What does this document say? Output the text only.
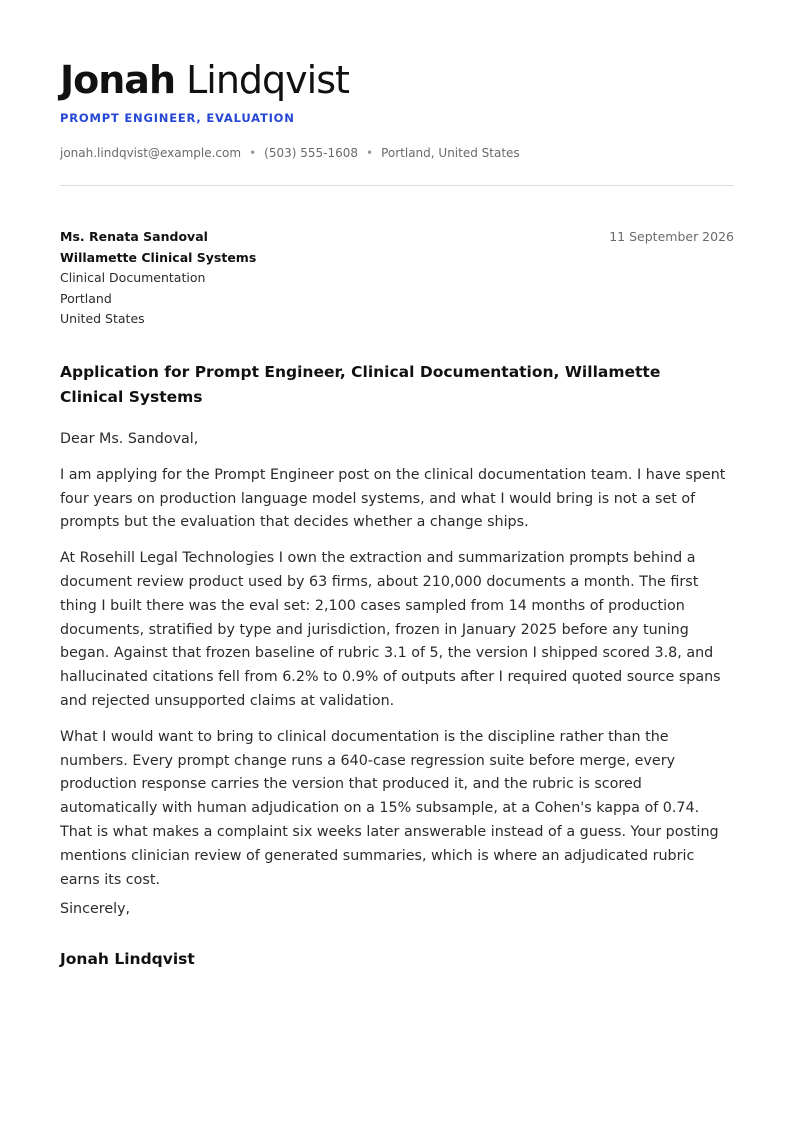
Jonah Lindqvist
PROMPT ENGINEER, EVALUATION
jonah.lindqvist@example.com • (503) 555-1608 • Portland, United States
Ms. Renata Sandoval
Willamette Clinical Systems
Clinical Documentation
Portland
United States
11 September 2026
Application for Prompt Engineer, Clinical Documentation, Willamette Clinical Systems

Dear Ms. Sandoval,

I am applying for the Prompt Engineer post on the clinical documentation team. I have spent four years on production language model systems, and what I would bring is not a set of prompts but the evaluation that decides whether a change ships.

At Rosehill Legal Technologies I own the extraction and summarization prompts behind a document review product used by 63 firms, about 210,000 documents a month. The first thing I built there was the eval set: 2,100 cases sampled from 14 months of production documents, stratified by type and jurisdiction, frozen in January 2025 before any tuning began. Against that frozen baseline of rubric 3.1 of 5, the version I shipped scored 3.8, and hallucinated citations fell from 6.2% to 0.9% of outputs after I required quoted source spans and rejected unsupported claims at validation.

What I would want to bring to clinical documentation is the discipline rather than the numbers. Every prompt change runs a 640-case regression suite before merge, every production response carries the version that produced it, and the rubric is scored automatically with human adjudication on a 15% subsample, at a Cohen's kappa of 0.74. That is what makes a complaint six weeks later answerable instead of a guess. Your posting mentions clinician review of generated summaries, which is where an adjudicated rubric earns its cost.

Sincerely,
Jonah Lindqvist
